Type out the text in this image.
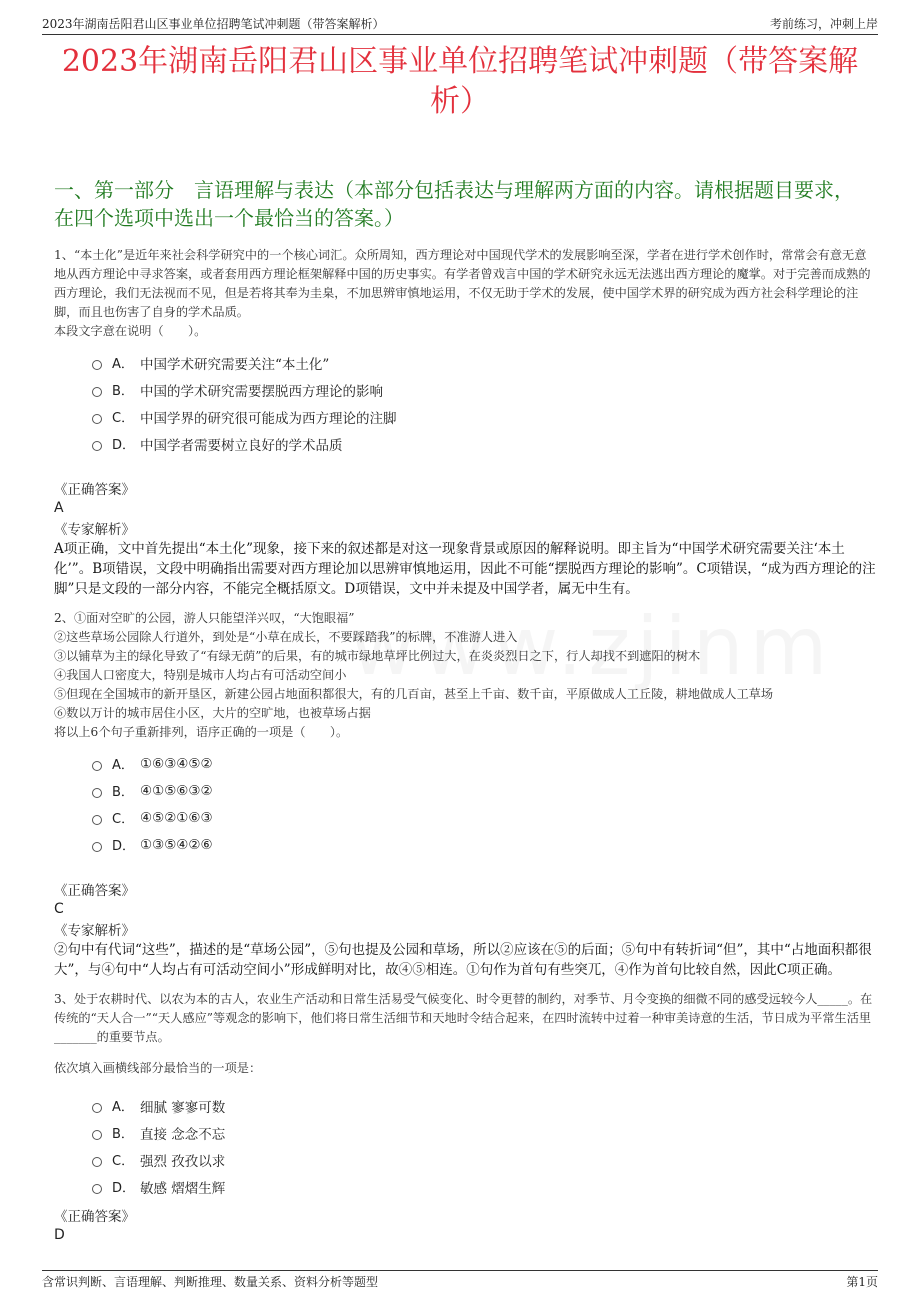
2023年湖南岳阳君山区事业单位招聘笔试冲刺题（带答案解析）	考前练习，冲刺上岸
2023年湖南岳阳君山区事业单位招聘笔试冲刺题（带答案解析）
一、第一部分　言语理解与表达（本部分包括表达与理解两方面的内容。请根据题目要求，在四个选项中选出一个最恰当的答案。）

1、“本土化”是近年来社会科学研究中的一个核心词汇。众所周知，西方理论对中国现代学术的发展影响至深，学者在进行学术创作时，常常会有意无意地从西方理论中寻求答案，或者套用西方理论框架解释中国的历史事实。有学者曾戏言中国的学术研究永远无法逃出西方理论的魔掌。对于完善而成熟的西方理论，我们无法视而不见，但是若将其奉为圭臬，不加思辨审慎地运用，不仅无助于学术的发展，使中国学术界的研究成为西方社会科学理论的注脚，而且也伤害了自身的学术品质。

本段文字意在说明（　　）。

A． 中国学术研究需要关注“本土化”
B． 中国的学术研究需要摆脱西方理论的影响
C． 中国学界的研究很可能成为西方理论的注脚
D． 中国学者需要树立良好的学术品质
《正确答案》
A
《专家解析》
A项正确，文中首先提出“本土化”现象，接下来的叙述都是对这一现象背景或原因的解释说明。即主旨为“中国学术研究需要关注‘本土化’”。B项错误，文段中明确指出需要对西方理论加以思辨审慎地运用，因此不可能“摆脱西方理论的影响”。C项错误，“成为西方理论的注脚”只是文段的一部分内容，不能完全概括原文。D项错误，文中并未提及中国学者，属无中生有。

2、①面对空旷的公园，游人只能望洋兴叹，“大饱眼福”

②这些草场公园除人行道外，到处是“小草在成长，不要踩踏我”的标牌，不准游人进入

③以铺草为主的绿化导致了“有绿无荫”的后果，有的城市绿地草坪比例过大，在炎炎烈日之下，行人却找不到遮阳的树木

④我国人口密度大，特别是城市人均占有可活动空间小

⑤但现在全国城市的新开垦区，新建公园占地面积都很大，有的几百亩，甚至上千亩、数千亩，平原做成人工丘陵，耕地做成人工草场

⑥数以万计的城市居住小区，大片的空旷地，也被草场占据

将以上6个句子重新排列，语序正确的一项是（　　）。

A． ①⑥③④⑤②
B． ④①⑤⑥③②
C． ④⑤②①⑥③
D． ①③⑤④②⑥
《正确答案》
C
《专家解析》
②句中有代词“这些”，描述的是“草场公园”，⑤句也提及公园和草场，所以②应该在⑤的后面；⑤句中有转折词“但”，其中“占地面积都很大”，与④句中“人均占有可活动空间小”形成鲜明对比，故④⑤相连。①句作为首句有些突兀，④作为首句比较自然，因此C项正确。

3、处于农耕时代、以农为本的古人，农业生产活动和日常生活易受气候变化、时令更替的制约，对季节、月令变换的细微不同的感受远较今人_____。在传统的“天人合一”“天人感应”等观念的影响下，他们将日常生活细节和天地时令结合起来，在四时流转中过着一种审美诗意的生活，节日成为平常生活里_______的重要节点。

依次填入画横线部分最恰当的一项是：

A． 细腻 寥寥可数
B． 直接 念念不忘
C． 强烈 孜孜以求
D． 敏感 熠熠生辉
《正确答案》
D
含常识判断、言语理解、判断推理、数量关系、资料分析等题型	第1页
